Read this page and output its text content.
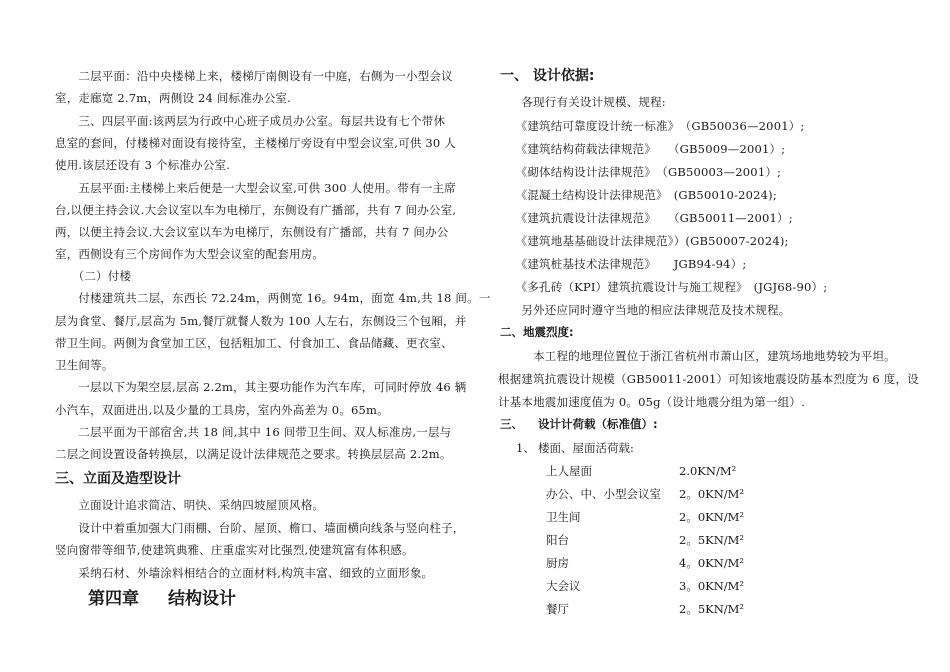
　　二层平面：沿中央楼梯上来，楼梯厅南侧设有一中庭，右侧为一小型会议
室，走廊宽 2.7m，两侧设 24 间标准办公室.
　　三、四层平面:该两层为行政中心班子成员办公室。每层共设有七个带休
息室的套间，付楼梯对面设有接待室，主楼梯厅旁设有中型会议室,可供 30 人
使用.该层还设有 3 个标准办公室.
　　五层平面:主楼梯上来后便是一大型会议室,可供 300 人使用。带有一主席
台,以便主持会议.大会议室以车为电梯厅，东侧设有广播部，共有 7 间办公室,
两，以便主持会议.大会议室以车为电梯厅，东侧设有广播部，共有 7 间办公
室，西侧设有三个房间作为大型会议室的配套用房。
　　（二）付楼
　　付楼建筑共二层，东西长 72.24m，两侧宽 16。94m，面宽 4m,共 18 间。一
层为食堂、餐厅,层高为 5m,餐厅就餐人数为 100 人左右，东侧设三个包厢，并
带卫生间。两侧为食堂加工区，包括粗加工、付食加工、食品储藏、更衣室、
卫生间等。
　　一层以下为架空层,层高 2.2m，其主要功能作为汽车库，可同时停放 46 辆
小汽车，双面进出,以及少量的工具房，室内外高差为 0。65m。
　　二层平面为干部宿舍,共 18 间,其中 16 间带卫生间、双人标准房,一层与
二层之间设置设备转换层，以满足设计法律规范之要求。转换层层高 2.2m。
三、立面及造型设计
　　立面设计追求简洁、明快、采纳四坡屋顶风格。
　　设计中着重加强大门雨棚、台阶、屋顶、檐口、墙面横向线条与竖向柱子，
竖向窗带等细节,使建筑典雅、庄重虚实对比强烈,使建筑富有体积感。
　　采纳石材、外墙涂料相结合的立面材料,构筑丰富、细致的立面形象。
第四章 结构设计
一、 设计依据:
　　各现行有关设计规模、规程:
　　《建筑结可靠度设计统一标准》　（GB50036—2001）;
　　《建筑结构荷载法律规范》　　（GB5009—2001）;
　　《砌体结构设计法律规范》　（GB50003—2001）;
　　《混凝土结构设计法律规范》　(GB50010-2024);
　　《建筑抗震设计法律规范》　　（GB50011—2001）;
　　《建筑地基基础设计法律规范》）(GB50007-2024);
　　《建筑桩基技术法律规范》　　JGB94-94）;
　　《多孔砖（KPI）建筑抗震设计与施工规程》　(JGJ68-90）;
　　另外还应同时遵守当地的相应法律规范及技术规程。
二、地震烈度:
　　　本工程的地理位置位于浙江省杭州市萧山区，建筑场地地势较为平坦。
根据建筑抗震设计规模（GB50011-2001）可知该地震设防基本烈度为 6 度，设
计基本地震加速度值为 0。05g（设计地震分组为第一组）.
三、 设计计荷载（标准值）:
1、 楼面、屋面活荷载:
上人屋面	2.0KN/M²
办公、中、小型会议室 2。0KN/M²
卫生间	2。0KN/M²
阳台	2。5KN/M²
厨房	4。0KN/M²
大会议	3。0KN/M²
餐厅	2。5KN/M²
